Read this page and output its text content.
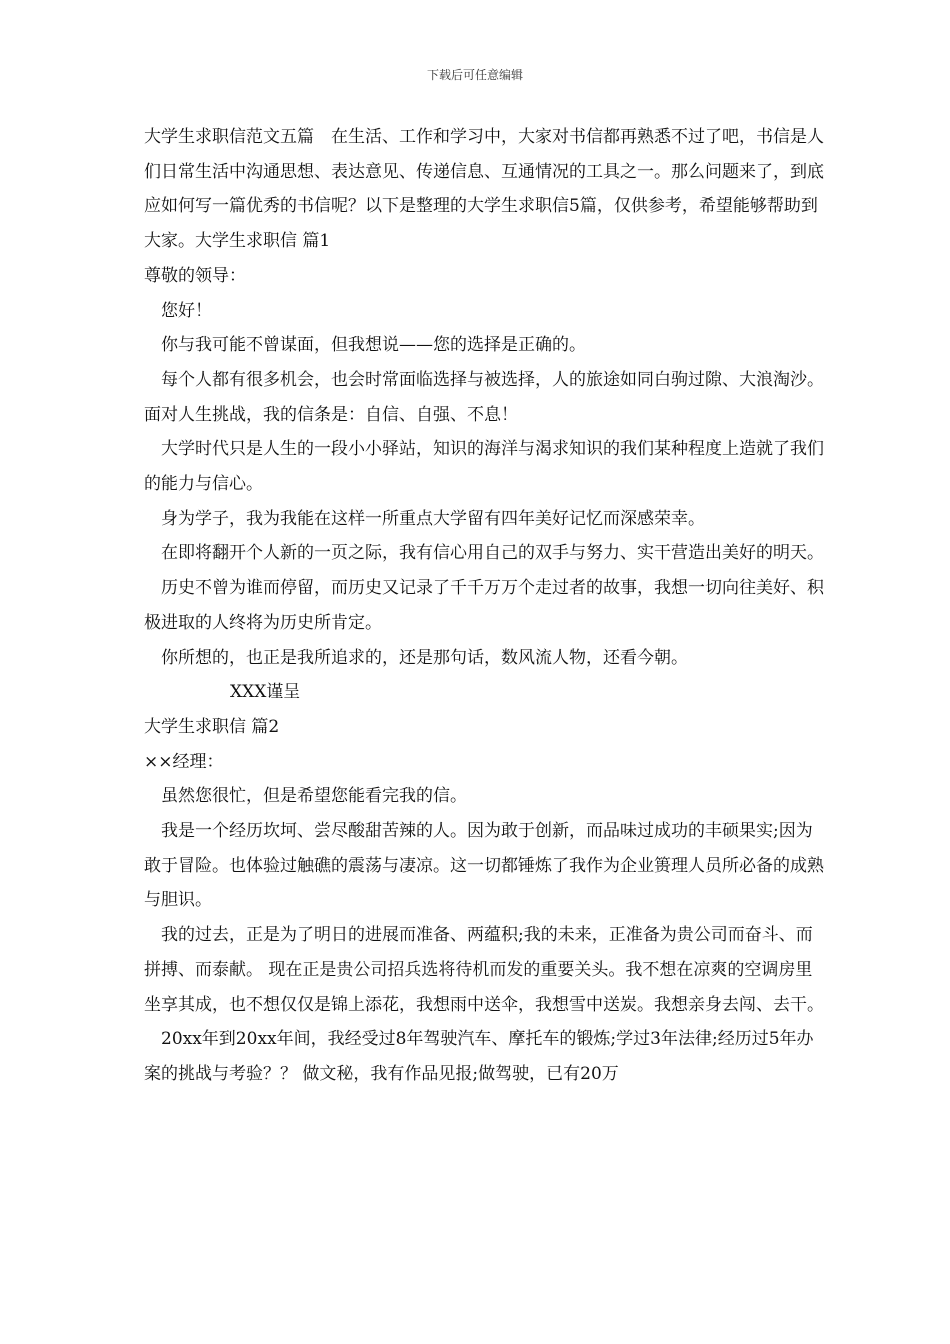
下载后可任意编辑

大学生求职信范文五篇　在生活、工作和学习中，大家对书信都再熟悉不过了吧，书信是人们日常生活中沟通思想、表达意见、传递信息、互通情况的工具之一。那么问题来了，到底应如何写一篇优秀的书信呢？以下是整理的大学生求职信5篇，仅供参考，希望能够帮助到大家。大学生求职信 篇1

尊敬的领导：

您好！

你与我可能不曾谋面，但我想说——您的选择是正确的。

每个人都有很多机会，也会时常面临选择与被选择，人的旅途如同白驹过隙、大浪淘沙。面对人生挑战，我的信条是：自信、自强、不息！

大学时代只是人生的一段小小驿站，知识的海洋与渴求知识的我们某种程度上造就了我们的能力与信心。

身为学子，我为我能在这样一所重点大学留有四年美好记忆而深感荣幸。

在即将翻开个人新的一页之际，我有信心用自己的双手与努力、实干营造出美好的明天。

历史不曾为谁而停留，而历史又记录了千千万万个走过者的故事，我想一切向往美好、积极进取的人终将为历史所肯定。

你所想的，也正是我所追求的，还是那句话，数风流人物，还看今朝。

XXX谨呈

大学生求职信 篇2

××经理：

虽然您很忙，但是希望您能看完我的信。

我是一个经历坎坷、尝尽酸甜苦辣的人。因为敢于创新，而品味过成功的丰硕果实;因为敢于冒险。也体验过触礁的震荡与凄凉。这一切都锤炼了我作为企业篑理人员所必备的成熟与胆识。

我的过去，正是为了明日的进展而准备、两蕴积;我的未来，正准备为贵公司而奋斗、而拼搏、而泰献。 现在正是贵公司招兵选将待机而发的重要关头。我不想在凉爽的空调房里坐享其成，也不想仅仅是锦上添花，我想雨中送伞，我想雪中送炭。我想亲身去闯、去干。

20xx年到20xx年间，我经受过8年驾驶汽车、摩托车的锻炼;学过3年法律;经历过5年办案的挑战与考验？？ 做文秘，我有作品见报;做驾驶，已有20万
